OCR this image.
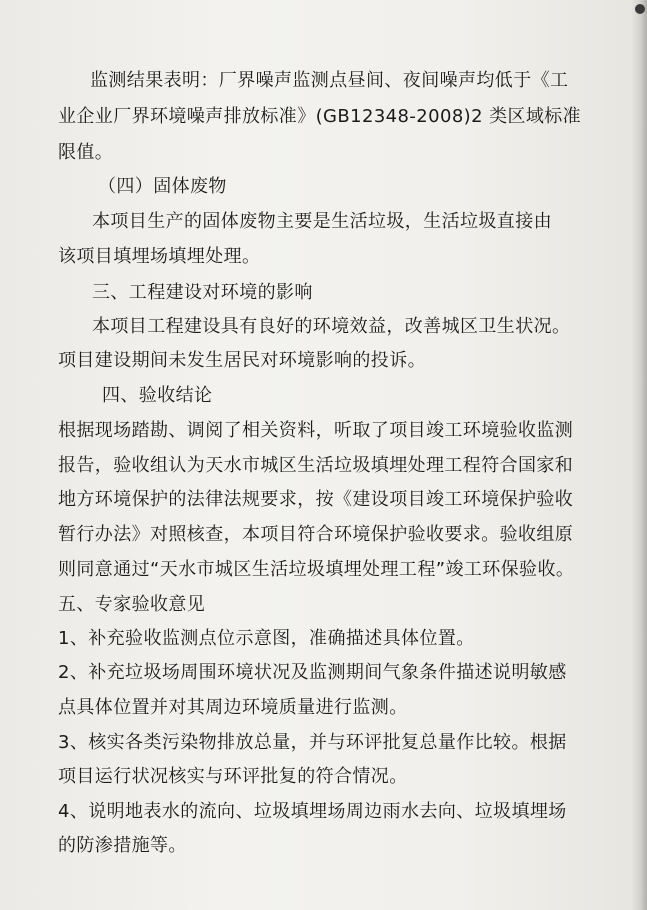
监测结果表明：厂界噪声监测点昼间、夜间噪声均低于《工
业企业厂界环境噪声排放标准》(GB12348-2008)2 类区域标准
限值。
（四）固体废物
本项目生产的固体废物主要是生活垃圾，生活垃圾直接由
该项目填埋场填埋处理。
三、工程建设对环境的影响
本项目工程建设具有良好的环境效益，改善城区卫生状况。
项目建设期间未发生居民对环境影响的投诉。
四、验收结论
根据现场踏勘、调阅了相关资料，听取了项目竣工环境验收监测
报告，验收组认为天水市城区生活垃圾填埋处理工程符合国家和
地方环境保护的法律法规要求，按《建设项目竣工环境保护验收
暂行办法》对照核查，本项目符合环境保护验收要求。验收组原
则同意通过“天水市城区生活垃圾填埋处理工程”竣工环保验收。
五、专家验收意见
1、补充验收监测点位示意图，准确描述具体位置。
2、补充垃圾场周围环境状况及监测期间气象条件描述说明敏感
点具体位置并对其周边环境质量进行监测。
3、核实各类污染物排放总量，并与环评批复总量作比较。根据
项目运行状况核实与环评批复的符合情况。
4、说明地表水的流向、垃圾填埋场周边雨水去向、垃圾填埋场
的防渗措施等。
